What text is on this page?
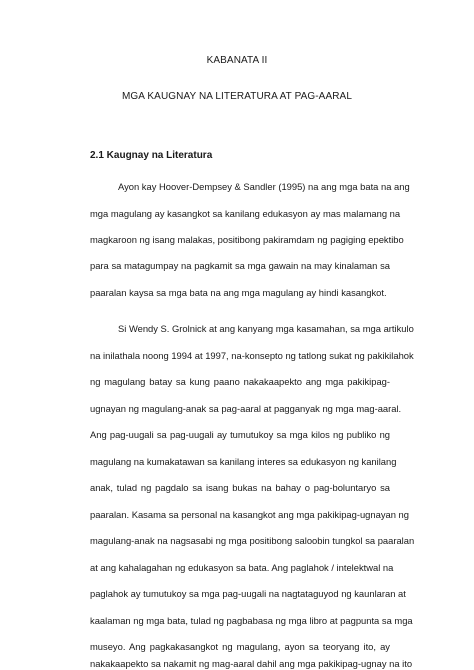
KABANATA II
MGA KAUGNAY NA LITERATURA AT PAG-AARAL
2.1 Kaugnay na Literatura
Ayon kay Hoover-Dempsey & Sandler (1995) na ang mga bata na ang
mga magulang ay kasangkot sa kanilang edukasyon ay mas malamang na
magkaroon ng isang malakas, positibong pakiramdam ng pagiging epektibo
para sa matagumpay na pagkamit sa mga gawain na may kinalaman sa
paaralan kaysa sa mga bata na ang mga magulang ay hindi kasangkot.
Si Wendy S. Grolnick at ang kanyang mga kasamahan, sa mga artikulo
na inilathala noong 1994 at 1997, na-konsepto ng tatlong sukat ng pakikilahok
ng magulang batay sa kung paano nakakaapekto ang mga pakikipag-
ugnayan ng magulang-anak sa pag-aaral at pagganyak ng mga mag-aaral.
Ang pag-uugali sa pag-uugali ay tumutukoy sa mga kilos ng publiko ng
magulang na kumakatawan sa kanilang interes sa edukasyon ng kanilang
anak, tulad ng pagdalo sa isang bukas na bahay o pag-boluntaryo sa
paaralan. Kasama sa personal na kasangkot ang mga pakikipag-ugnayan ng
magulang-anak na nagsasabi ng mga positibong saloobin tungkol sa paaralan
at ang kahalagahan ng edukasyon sa bata. Ang paglahok / intelektwal na
paglahok ay tumutukoy sa mga pag-uugali na nagtataguyod ng kaunlaran at
kaalaman ng mga bata, tulad ng pagbabasa ng mga libro at pagpunta sa mga
museyo. Ang pagkakasangkot ng magulang, ayon sa teoryang ito, ay
nakakaapekto sa nakamit ng mag-aaral dahil ang mga pakikipag-ugnay na ito
